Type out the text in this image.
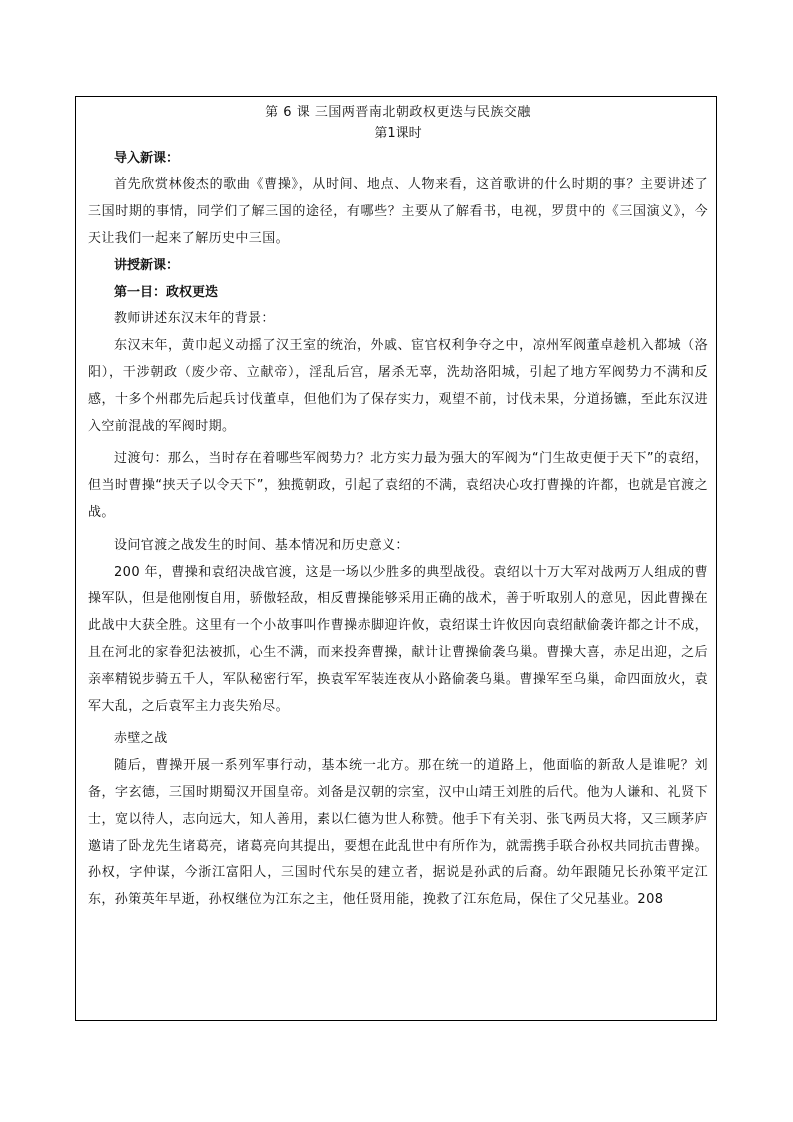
第 6 课 三国两晋南北朝政权更迭与民族交融
第1课时

导入新课：

首先欣赏林俊杰的歌曲《曹操》，从时间、地点、人物来看，这首歌讲的什么时期的事？主要讲述了三国时期的事情，同学们了解三国的途径，有哪些？主要从了解看书，电视，罗贯中的《三国演义》，今天让我们一起来了解历史中三国。

讲授新课：

第一目：政权更迭

教师讲述东汉末年的背景：

东汉末年，黄巾起义动摇了汉王室的统治，外戚、宦官权利争夺之中，凉州军阀董卓趁机入都城（洛阳），干涉朝政（废少帝、立献帝），淫乱后宫，屠杀无辜，洗劫洛阳城，引起了地方军阀势力不满和反感，十多个州郡先后起兵讨伐董卓，但他们为了保存实力，观望不前，讨伐未果，分道扬镳，至此东汉进入空前混战的军阀时期。

过渡句：那么，当时存在着哪些军阀势力？北方实力最为强大的军阀为“门生故吏便于天下”的袁绍，但当时曹操“挟天子以令天下”，独揽朝政，引起了袁绍的不满，袁绍决心攻打曹操的许都，也就是官渡之战。

设问官渡之战发生的时间、基本情况和历史意义：

200 年，曹操和袁绍决战官渡，这是一场以少胜多的典型战役。袁绍以十万大军对战两万人组成的曹操军队，但是他刚愎自用，骄傲轻敌，相反曹操能够采用正确的战术，善于听取别人的意见，因此曹操在此战中大获全胜。这里有一个小故事叫作曹操赤脚迎许攸，袁绍谋士许攸因向袁绍献偷袭许都之计不成，且在河北的家眷犯法被抓，心生不满，而来投奔曹操，献计让曹操偷袭乌巢。曹操大喜，赤足出迎，之后亲率精锐步骑五千人，军队秘密行军，换袁军军装连夜从小路偷袭乌巢。曹操军至乌巢，命四面放火，袁军大乱，之后袁军主力丧失殆尽。

赤壁之战

随后，曹操开展一系列军事行动，基本统一北方。那在统一的道路上，他面临的新敌人是谁呢？刘备，字玄德，三国时期蜀汉开国皇帝。刘备是汉朝的宗室，汉中山靖王刘胜的后代。他为人谦和、礼贤下士，宽以待人，志向远大，知人善用，素以仁德为世人称赞。他手下有关羽、张飞两员大将，又三顾茅庐邀请了卧龙先生诸葛亮，诸葛亮向其提出，要想在此乱世中有所作为，就需携手联合孙权共同抗击曹操。孙权，字仲谋，今浙江富阳人，三国时代东吴的建立者，据说是孙武的后裔。幼年跟随兄长孙策平定江东，孙策英年早逝，孙权继位为江东之主，他任贤用能，挽救了江东危局，保住了父兄基业。208
